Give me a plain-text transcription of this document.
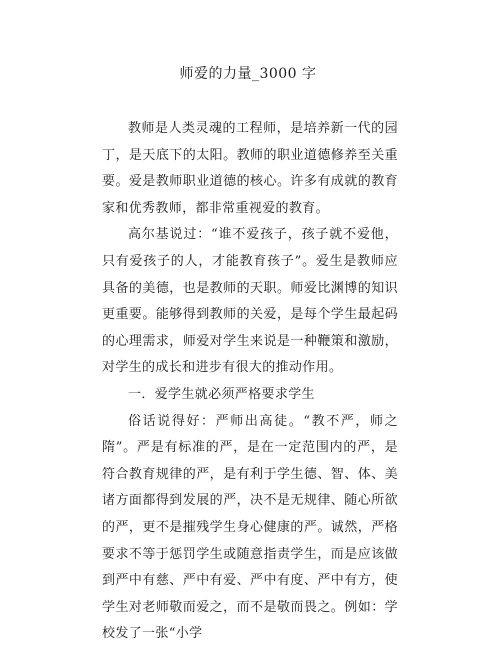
师爱的力量_3000 字

教师是人类灵魂的工程师，是培养新一代的园丁，是天底下的太阳。教师的职业道德修养至关重要。爱是教师职业道德的核心。许多有成就的教育家和优秀教师，都非常重视爱的教育。

高尔基说过：“谁不爱孩子，孩子就不爱他，只有爱孩子的人，才能教育孩子”。爱生是教师应具备的美德，也是教师的天职。师爱比渊博的知识更重要。能够得到教师的关爱，是每个学生最起码的心理需求，师爱对学生来说是一种鞭策和激励，对学生的成长和进步有很大的推动作用。

一．爱学生就必须严格要求学生

俗话说得好：严师出高徒。“教不严，师之隋”。严是有标准的严，是在一定范围内的严，是符合教育规律的严，是有利于学生德、智、体、美诸方面都得到发展的严，决不是无规律、随心所欲的严，更不是摧残学生身心健康的严。诚然，严格要求不等于惩罚学生或随意指责学生，而是应该做到严中有慈、严中有爱、严中有度、严中有方，使学生对老师敬而爱之，而不是敬而畏之。例如：学校发了一张“小学
